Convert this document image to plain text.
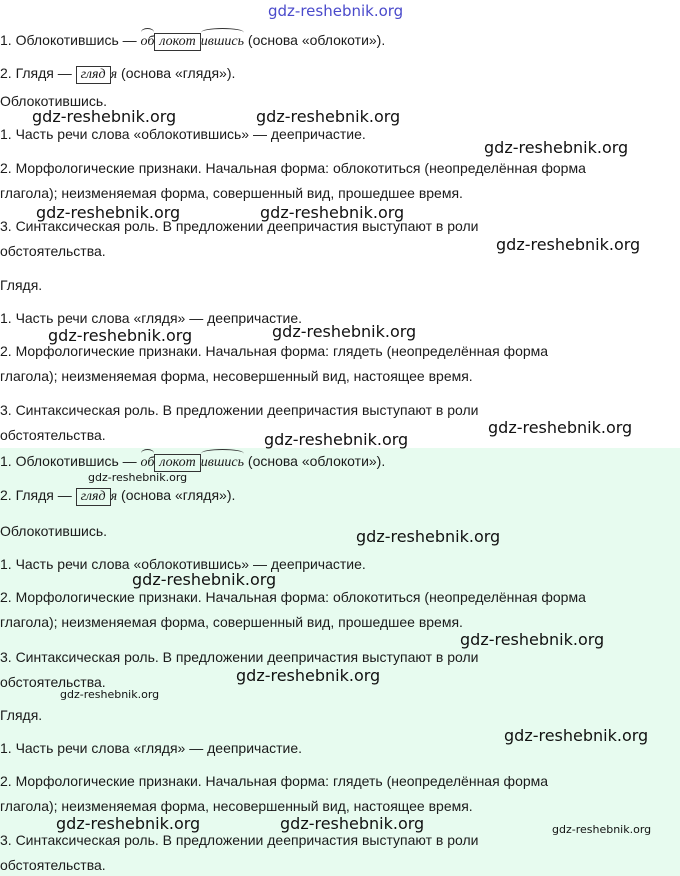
gdz-reshebnik.org
1. Облокотившись — об локот ившись (основа «облокоти»).
2. Глядя — гляд я (основа «глядя»).
Облокотившись.
1. Часть речи слова «облокотившись» — деепричастие.
2. Морфологические признаки. Начальная форма: облокотиться (неопределённая форма
глагола); неизменяемая форма, совершенный вид, прошедшее время.
3. Синтаксическая роль. В предложении деепричастия выступают в роли
обстоятельства.
Глядя.
1. Часть речи слова «глядя» — деепричастие.
2. Морфологические признаки. Начальная форма: глядеть (неопределённая форма
глагола); неизменяемая форма, несовершенный вид, настоящее время.
3. Синтаксическая роль. В предложении деепричастия выступают в роли
обстоятельства.
1. Облокотившись — об локот ившись (основа «облокоти»).
2. Глядя — гляд я (основа «глядя»).
Облокотившись.
1. Часть речи слова «облокотившись» — деепричастие.
2. Морфологические признаки. Начальная форма: облокотиться (неопределённая форма
глагола); неизменяемая форма, совершенный вид, прошедшее время.
3. Синтаксическая роль. В предложении деепричастия выступают в роли
обстоятельства.
Глядя.
1. Часть речи слова «глядя» — деепричастие.
2. Морфологические признаки. Начальная форма: глядеть (неопределённая форма
глагола); неизменяемая форма, несовершенный вид, настоящее время.
3. Синтаксическая роль. В предложении деепричастия выступают в роли
обстоятельства.
gdz-reshebnik.org	gdz-reshebnik.org
gdz-reshebnik.org
gdz-reshebnik.org	gdz-reshebnik.org
gdz-reshebnik.org
gdz-reshebnik.org	gdz-reshebnik.org
gdz-reshebnik.org
gdz-reshebnik.org
gdz-reshebnik.org
gdz-reshebnik.org
gdz-reshebnik.org
gdz-reshebnik.org
gdz-reshebnik.org
gdz-reshebnik.org
gdz-reshebnik.org
gdz-reshebnik.org	gdz-reshebnik.org	gdz-reshebnik.org
